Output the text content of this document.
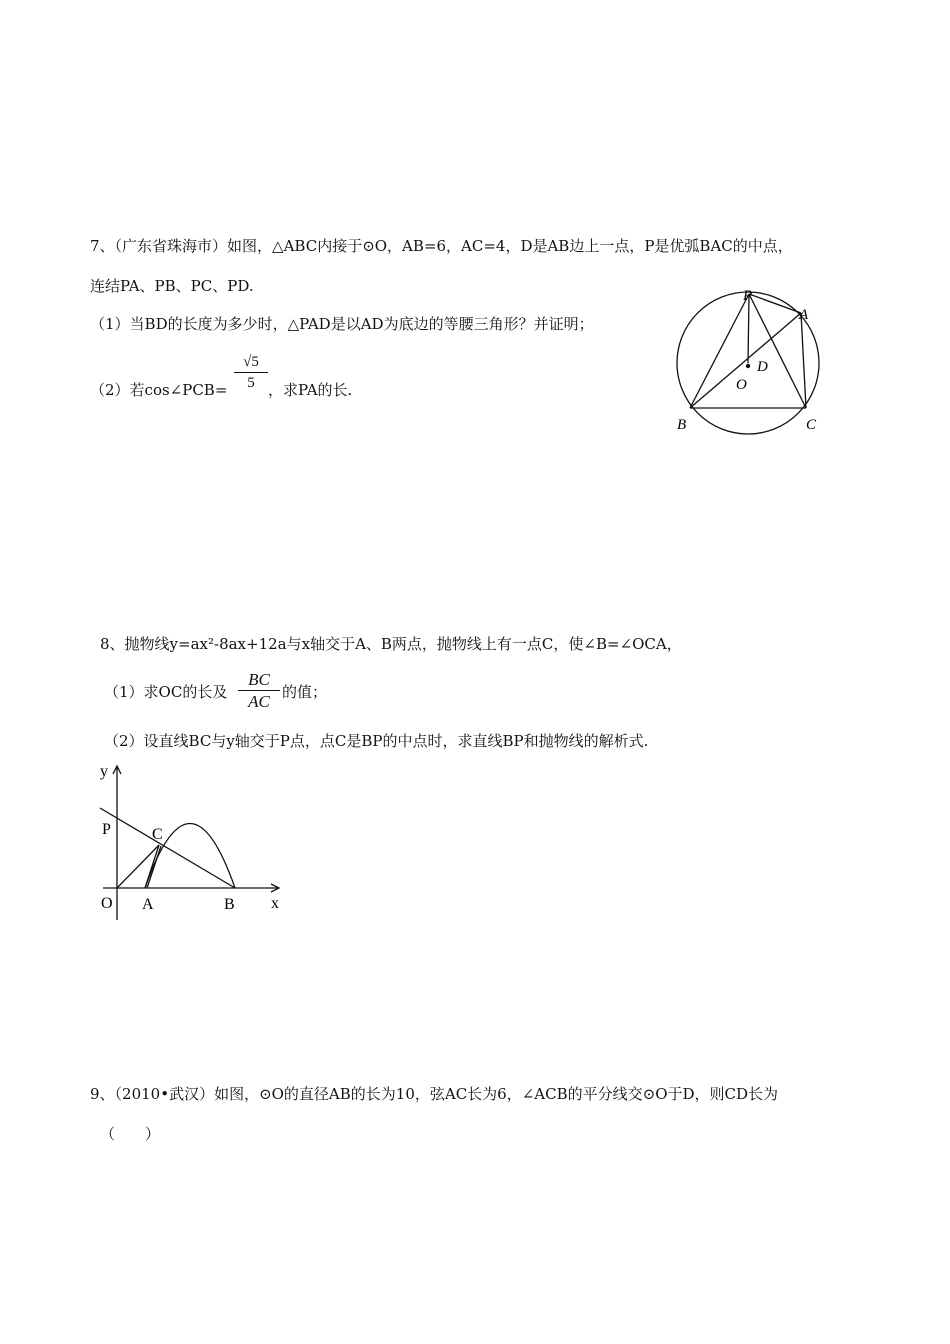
7、（广东省珠海市）如图，△ABC内接于⊙O，AB=6，AC=4，D是AB边上一点，P是优弧BAC的中点，
连结PA、PB、PC、PD.
（1）当BD的长度为多少时，△PAD是以AD为底边的等腰三角形？并证明；
（2）若cos∠PCB=
√5
5 ，求PA的长.
P
A
D
O
B	C
8、抛物线y=ax²-8ax+12a与x轴交于A、B两点，抛物线上有一点C，使∠B=∠OCA，
（1）求OC的长及
BC
AC 的值；
（2）设直线BC与y轴交于P点，点C是BP的中点时，求直线BP和抛物线的解析式.
y
x
P	C
O A	B
9、（2010•武汉）如图，⊙O的直径AB的长为10，弦AC长为6，∠ACB的平分线交⊙O于D，则CD长为
（　　）
